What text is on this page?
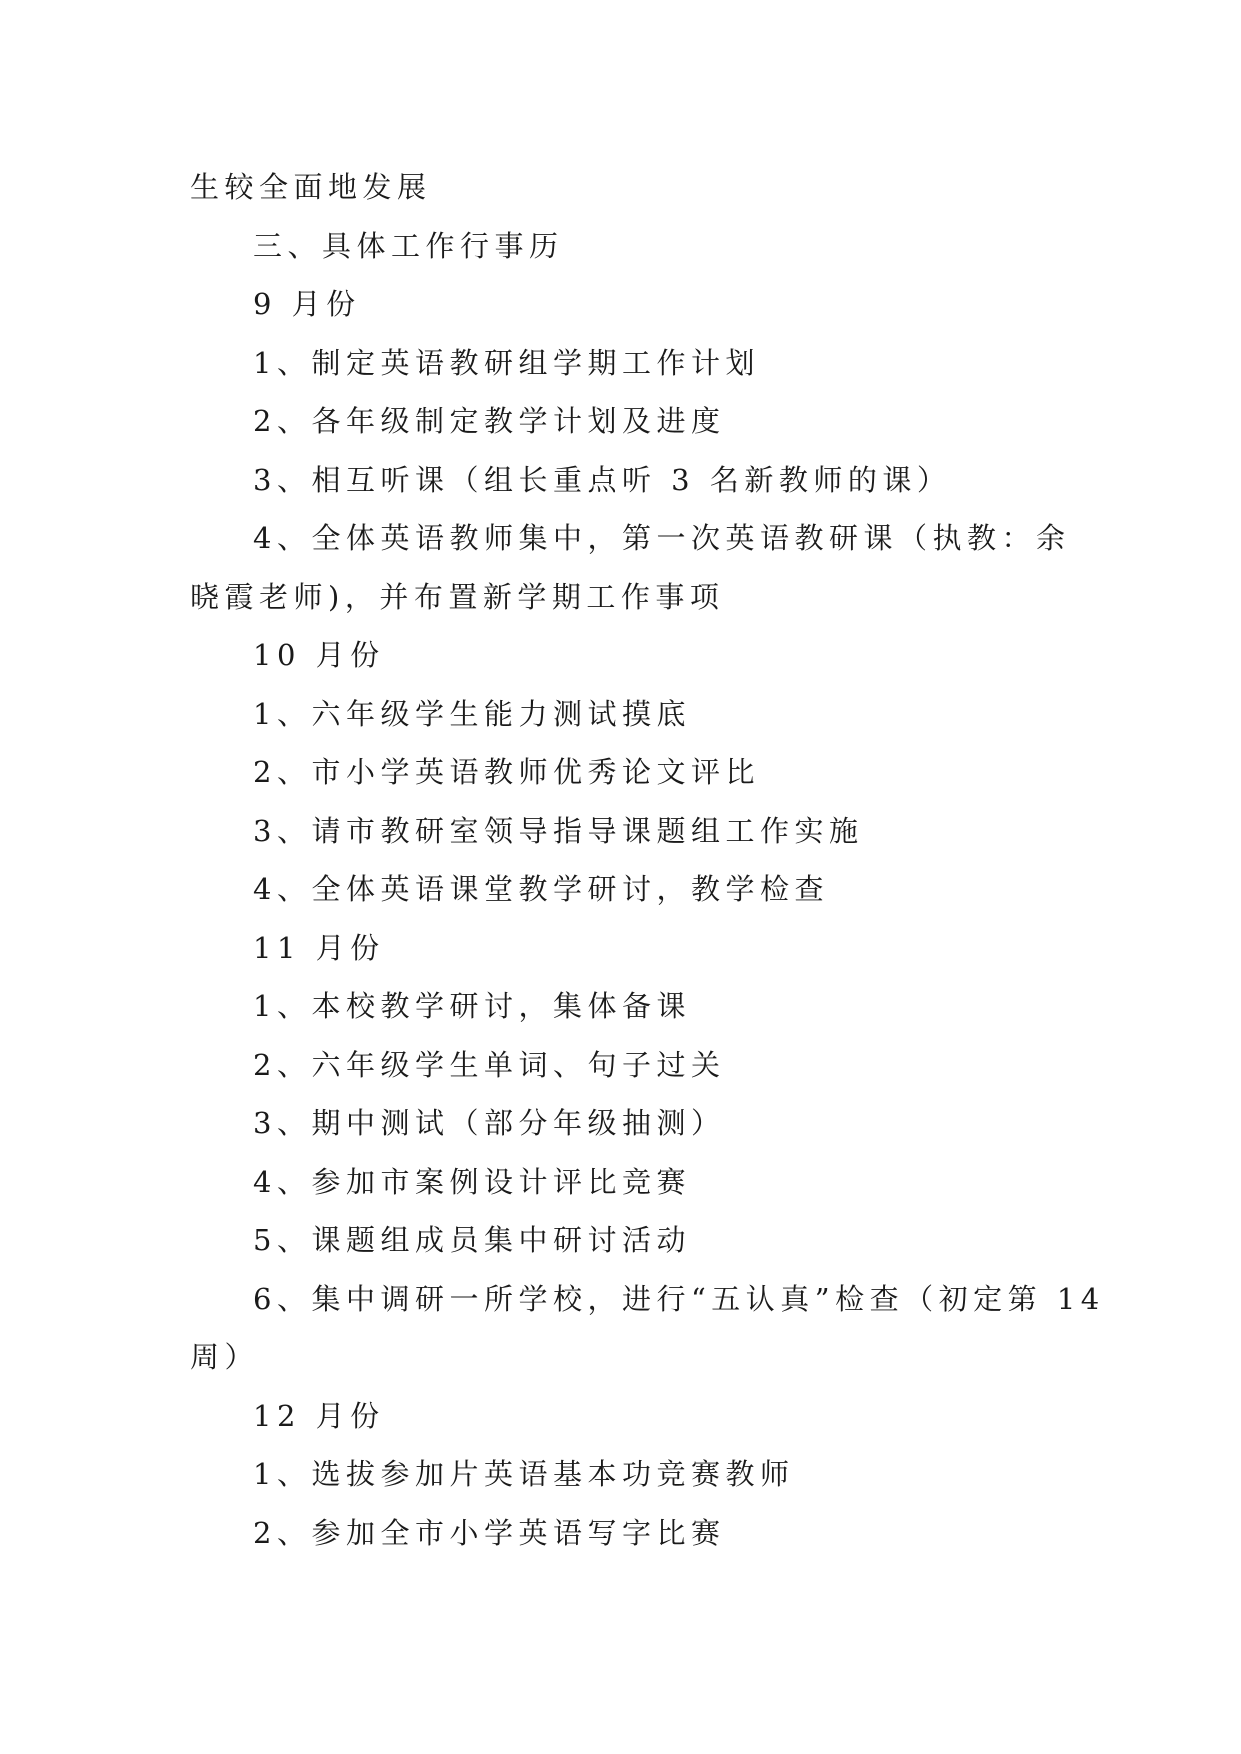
生较全面地发展
三、具体工作行事历
9 月份
1、制定英语教研组学期工作计划
2、各年级制定教学计划及进度
3、相互听课（组长重点听 3 名新教师的课）
4、全体英语教师集中，第一次英语教研课（执教：余
晓霞老师)，并布置新学期工作事项
10 月份
1、六年级学生能力测试摸底
2、市小学英语教师优秀论文评比
3、请市教研室领导指导课题组工作实施
4、全体英语课堂教学研讨，教学检查
11 月份
1、本校教学研讨，集体备课
2、六年级学生单词、句子过关
3、期中测试（部分年级抽测）
4、参加市案例设计评比竞赛
5、课题组成员集中研讨活动
6、集中调研一所学校，进行“五认真”检查（初定第 14
周）
12 月份
1、选拔参加片英语基本功竞赛教师
2、参加全市小学英语写字比赛
